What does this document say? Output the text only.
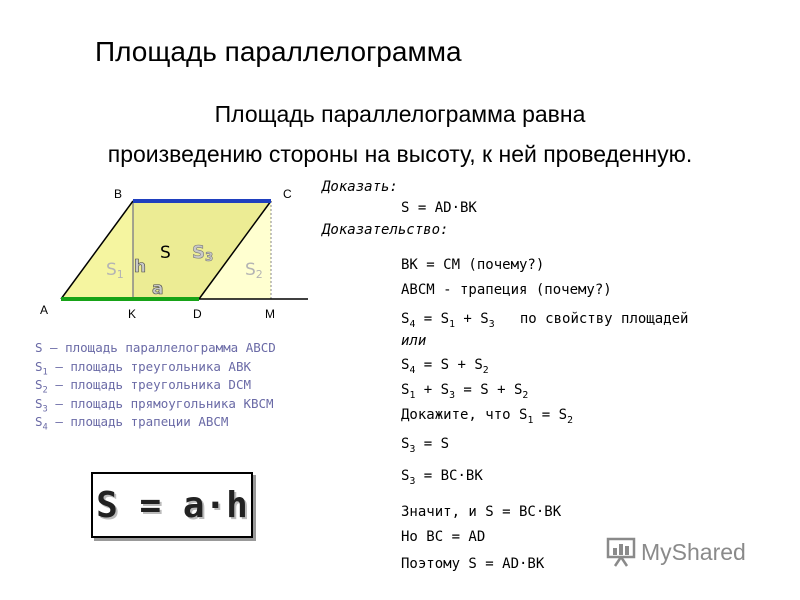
Площадь параллелограмма
Площадь параллелограмма равна
произведению стороны на высоту, к ней проведенную.
B	C
A	K	D	M
S1
S S3
S2
h
a
S – площадь параллелограмма ABCD
$S_1$ – площадь треугольника ABK
$S_2$ – площадь треугольника DCM
$S_3$ – площадь прямоугольника KBCM
$S_4$ – площадь трапеции ABCM
S = a·h
Доказать:
S = AD·BK
Доказательство:
BK = CM (почему?)
ABCM - трапеция (почему?)
$S_4 = S_1 + S_3$   по свойству площадей
или
$S_4 = S + S_2$
$S_1 + S_3 = S + S_2$
Докажите, что $S_1 = S_2$
$S_3 = S$
$S_3 = BC\cdot BK$
Значит, и S = BC·BK
Но BC = AD
Поэтому S = AD·BK	MyShared
